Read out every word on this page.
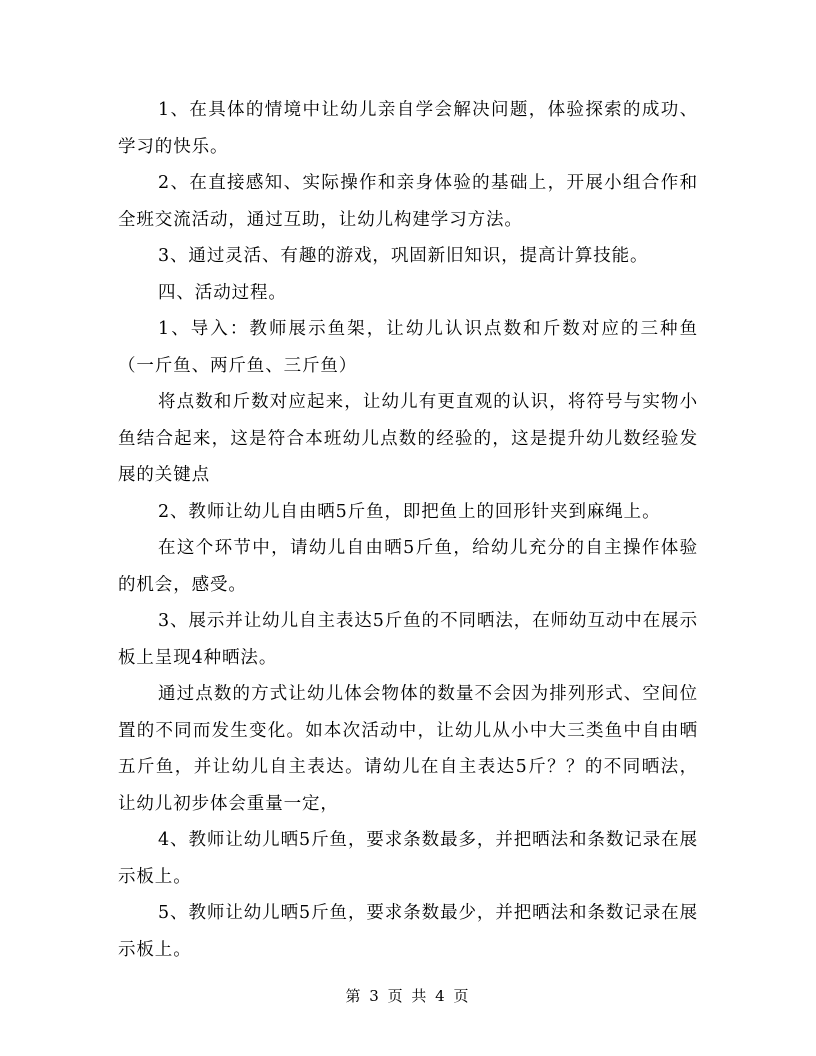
1、在具体的情境中让幼儿亲自学会解决问题，体验探索的成功、学习的快乐。

2、在直接感知、实际操作和亲身体验的基础上，开展小组合作和全班交流活动，通过互助，让幼儿构建学习方法。

3、通过灵活、有趣的游戏，巩固新旧知识，提高计算技能。

四、活动过程。

1、导入：教师展示鱼架，让幼儿认识点数和斤数对应的三种鱼（一斤鱼、两斤鱼、三斤鱼）

将点数和斤数对应起来，让幼儿有更直观的认识，将符号与实物小鱼结合起来，这是符合本班幼儿点数的经验的，这是提升幼儿数经验发展的关键点

2、教师让幼儿自由晒5斤鱼，即把鱼上的回形针夹到麻绳上。

在这个环节中，请幼儿自由晒5斤鱼，给幼儿充分的自主操作体验的机会，感受。

3、展示并让幼儿自主表达5斤鱼的不同晒法，在师幼互动中在展示板上呈现4种晒法。

通过点数的方式让幼儿体会物体的数量不会因为排列形式、空间位置的不同而发生变化。如本次活动中，让幼儿从小中大三类鱼中自由晒五斤鱼，并让幼儿自主表达。请幼儿在自主表达5斤？？的不同晒法，让幼儿初步体会重量一定，

4、教师让幼儿晒5斤鱼，要求条数最多，并把晒法和条数记录在展示板上。

5、教师让幼儿晒5斤鱼，要求条数最少，并把晒法和条数记录在展示板上。

第 3 页 共 4 页
